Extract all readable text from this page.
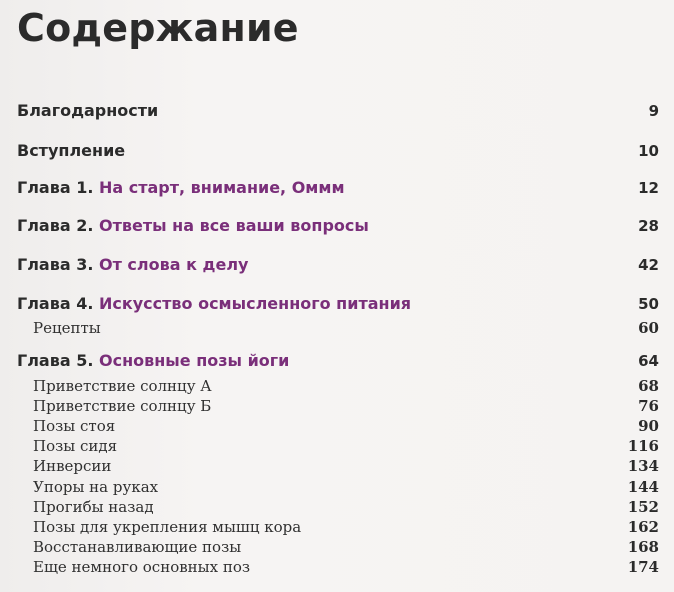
Содержание
Благодарности	9
Вступление	10
Глава 1. На старт, внимание, Оммм	12
Глава 2. Ответы на все ваши вопросы	28
Глава 3. От слова к делу	42
Глава 4. Искусство осмысленного питания	50
Рецепты	60
Глава 5. Основные позы йоги	64
Приветствие солнцу А	68
Приветствие солнцу Б	76
Позы стоя	90
Позы сидя	116
Инверсии	134
Упоры на руках	144
Прогибы назад	152
Позы для укрепления мышц кора	162
Восстанавливающие позы	168
Еще немного основных поз	174
